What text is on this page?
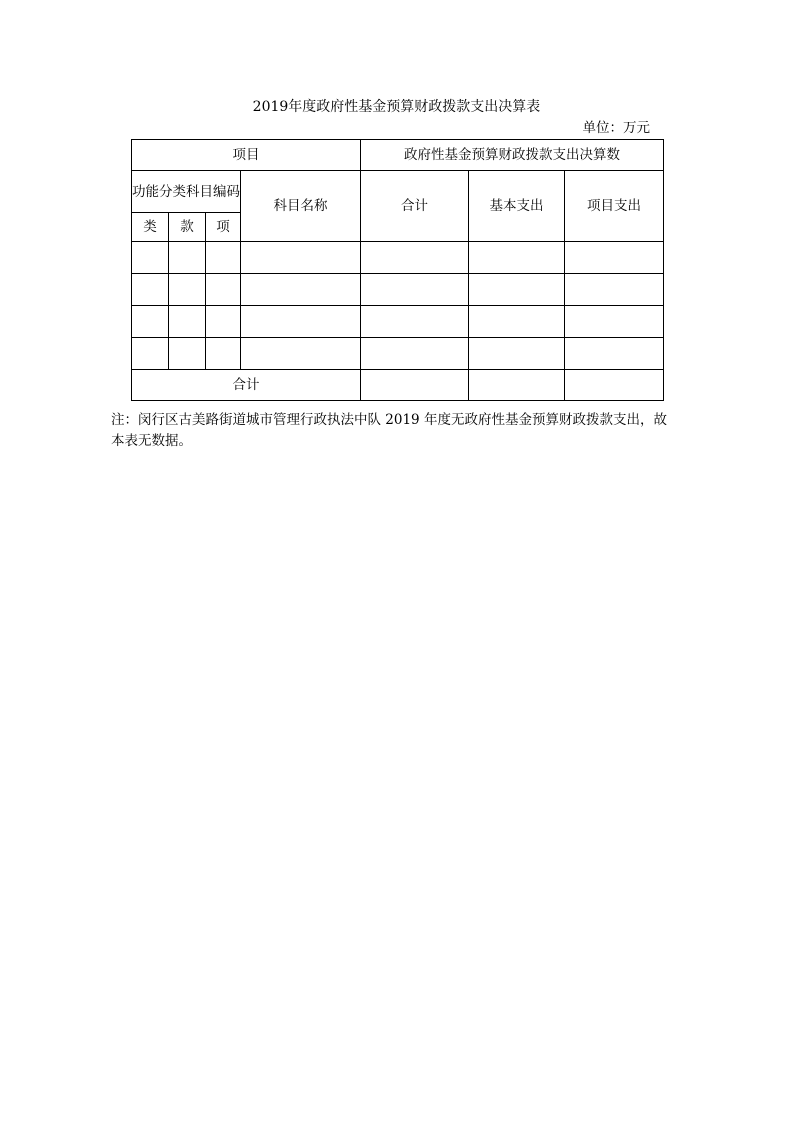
2019年度政府性基金预算财政拨款支出决算表
单位：万元
项目				政府性基金预算财政拨款支出决算数		
功能分类科目编码			科目名称	合计	基本支出	项目支出
类	款	项				

合计						
注：闵行区古美路街道城市管理行政执法中队 2019 年度无政府性基金预算财政拨款支出，故本表无数据。
